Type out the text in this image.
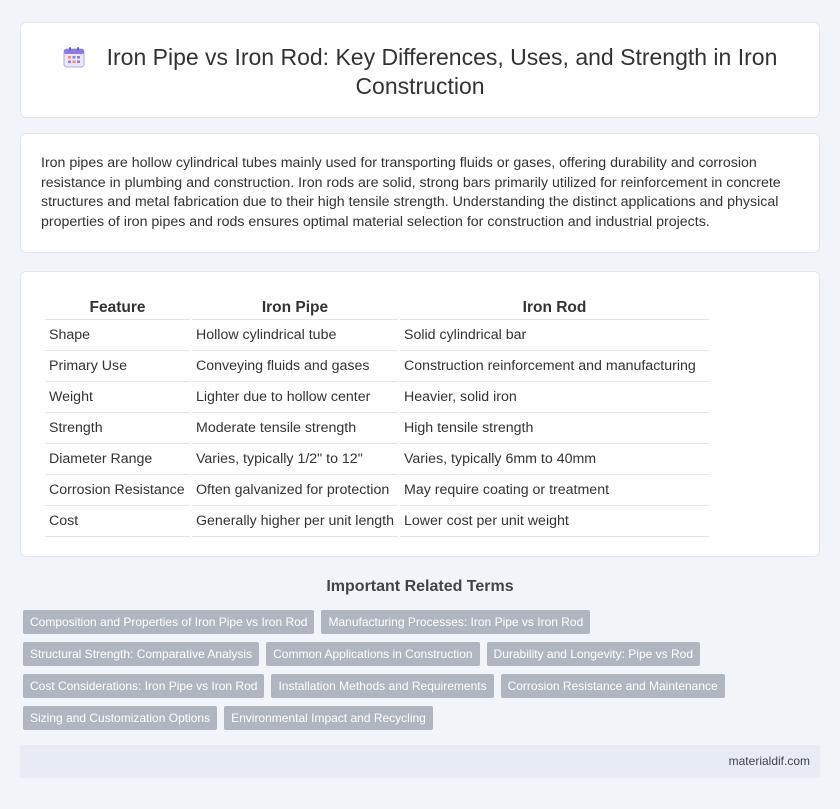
Iron Pipe vs Iron Rod: Key Differences, Uses, and Strength in Iron Construction

Iron pipes are hollow cylindrical tubes mainly used for transporting fluids or gases, offering durability and corrosion resistance in plumbing and construction. Iron rods are solid, strong bars primarily utilized for reinforcement in concrete structures and metal fabrication due to their high tensile strength. Understanding the distinct applications and physical properties of iron pipes and rods ensures optimal material selection for construction and industrial projects.

Feature	Iron Pipe	Iron Rod
Shape	Hollow cylindrical tube	Solid cylindrical bar
Primary Use	Conveying fluids and gases	Construction reinforcement and manufacturing
Weight	Lighter due to hollow center	Heavier, solid iron
Strength	Moderate tensile strength	High tensile strength
Diameter Range	Varies, typically 1/2" to 12"	Varies, typically 6mm to 40mm
Corrosion Resistance	Often galvanized for protection	May require coating or treatment
Cost	Generally higher per unit length	Lower cost per unit weight
Important Related Terms
Composition and Properties of Iron Pipe vs Iron Rod Manufacturing Processes: Iron Pipe vs Iron Rod
Structural Strength: Comparative Analysis Common Applications in Construction Durability and Longevity: Pipe vs Rod
Cost Considerations: Iron Pipe vs Iron Rod Installation Methods and Requirements Corrosion Resistance and Maintenance
Sizing and Customization Options Environmental Impact and Recycling
materialdif.com
